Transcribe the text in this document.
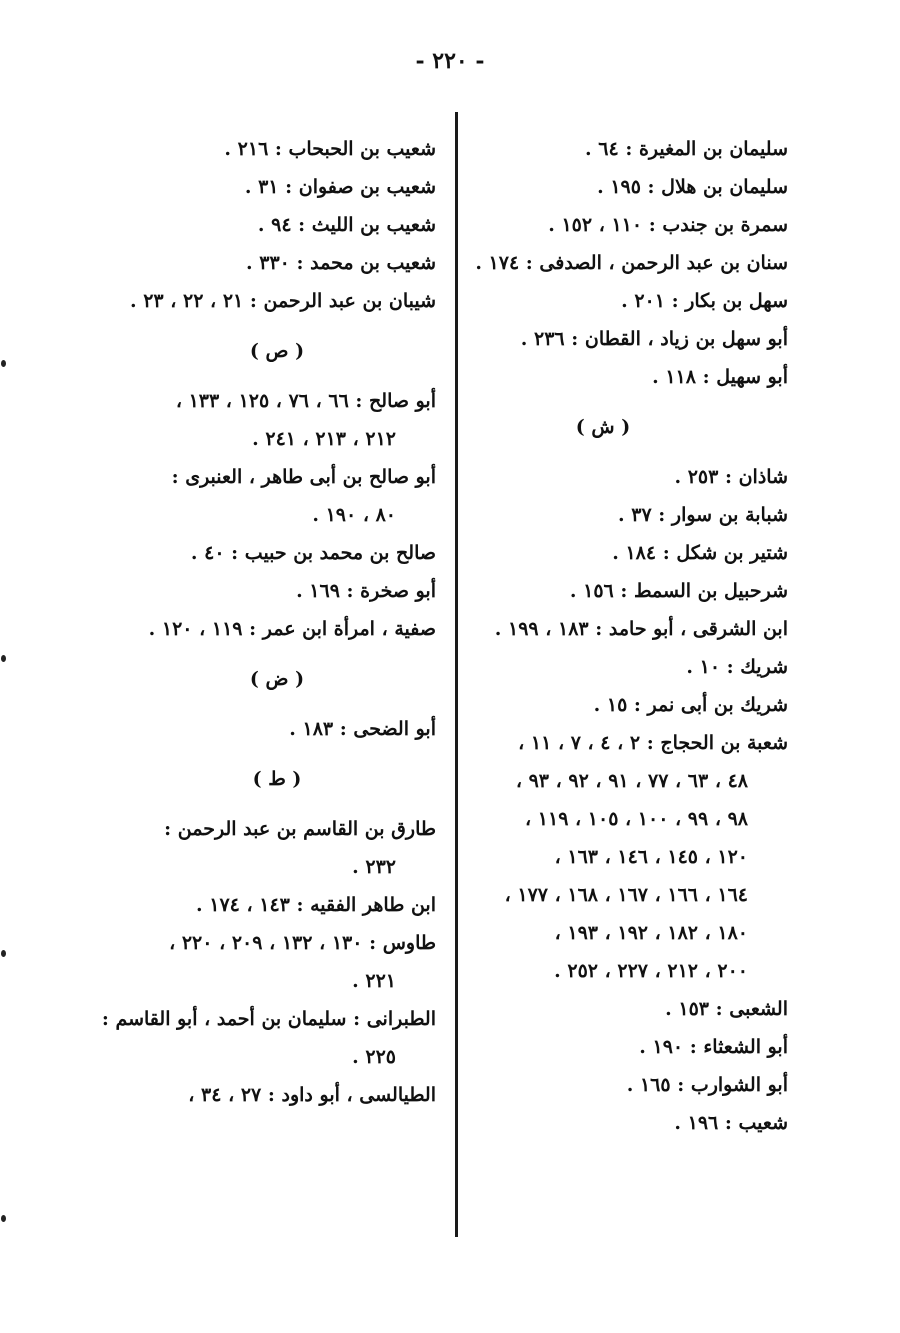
- ٢٢٠ -
سليمان بن المغيرة : ٦٤ .
سليمان بن هلال : ١٩٥ .
سمرة بن جندب : ١١٠ ، ١٥٢ .
سنان بن عبد الرحمن ، الصدفى : ١٧٤ .
سهل بن بكار : ٢٠١ .
أبو سهل بن زياد ، القطان : ٢٣٦ .
أبو سهيل : ١١٨ .
( ش )
شاذان : ٢٥٣ .
شبابة بن سوار : ٣٧ .
شتير بن شكل : ١٨٤ .
شرحبيل بن السمط : ١٥٦ .
ابن الشرقى ، أبو حامد : ١٨٣ ، ١٩٩ .
شريك : ١٠ .
شريك بن أبى نمر : ١٥ .
شعبة بن الحجاج : ٢ ، ٤ ، ٧ ، ١١ ،
٤٨ ، ٦٣ ، ٧٧ ، ٩١ ، ٩٢ ، ٩٣ ،
٩٨ ، ٩٩ ، ١٠٠ ، ١٠٥ ، ١١٩ ،
١٢٠ ، ١٤٥ ، ١٤٦ ، ١٦٣ ،
١٦٤ ، ١٦٦ ، ١٦٧ ، ١٦٨ ، ١٧٧ ،
١٨٠ ، ١٨٢ ، ١٩٢ ، ١٩٣ ،
٢٠٠ ، ٢١٢ ، ٢٢٧ ، ٢٥٢ .
الشعبى : ١٥٣ .
أبو الشعثاء : ١٩٠ .
أبو الشوارب : ١٦٥ .
شعيب : ١٩٦ .
شعيب بن الحبحاب : ٢١٦ .
شعيب بن صفوان : ٣١ .
شعيب بن الليث : ٩٤ .
شعيب بن محمد : ٣٣٠ .
شيبان بن عبد الرحمن : ٢١ ، ٢٢ ، ٢٣ .
( ص )
أبو صالح : ٦٦ ، ٧٦ ، ١٢٥ ، ١٣٣ ،
٢١٢ ، ٢١٣ ، ٢٤١ .
أبو صالح بن أبى طاهر ، العنبرى :
٨٠ ، ١٩٠ .
صالح بن محمد بن حبيب : ٤٠ .
أبو صخرة : ١٦٩ .
صفية ، امرأة ابن عمر : ١١٩ ، ١٢٠ .
( ض )
أبو الضحى : ١٨٣ .
( ط )
طارق بن القاسم بن عبد الرحمن :
٢٣٢ .
ابن طاهر الفقيه : ١٤٣ ، ١٧٤ .
طاوس : ١٣٠ ، ١٣٢ ، ٢٠٩ ، ٢٢٠ ،
٢٢١ .
الطبرانى : سليمان بن أحمد ، أبو القاسم :
٢٢٥ .
الطيالسى ، أبو داود : ٢٧ ، ٣٤ ،
